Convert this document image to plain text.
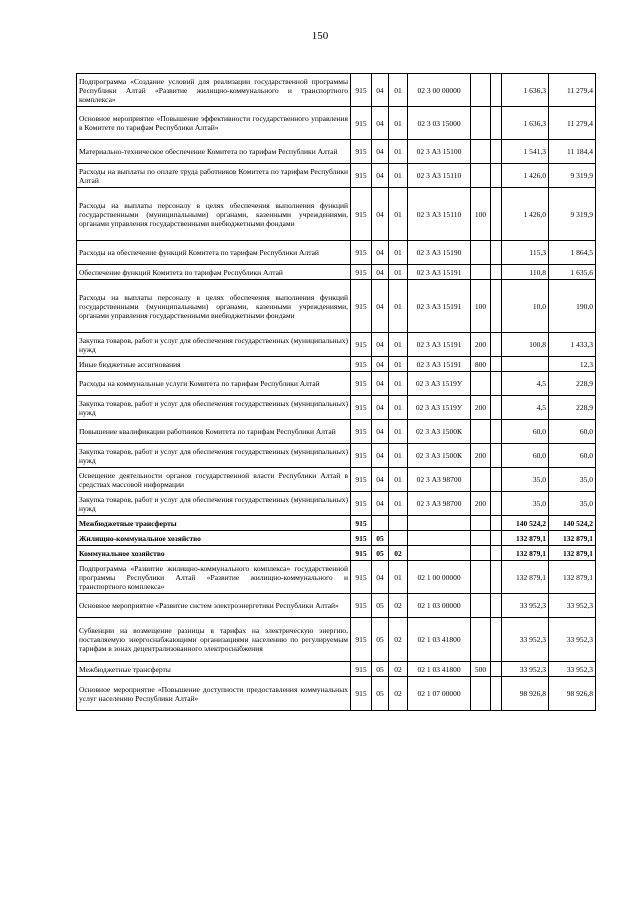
150
Подпрограмма «Создание условий для реализации государственной программы Республики Алтай «Развитие жилищно-коммунального и транспортного комплекса»	915	04	01	02 3 00 00000			1 636,3	11 279,4
Основное мероприятие «Повышение эффективности государственного управления в Комитете по тарифам Республики Алтай»	915	04	01	02 3 03 15000			1 636,3	11 279,4
Материально-техническое обеспечение Комитета по тарифам Республики Алтай	915	04	01	02 3 А3 15100			1 541,3	11 184,4
Расходы на выплаты по оплате труда работников Комитета по тарифам Республики Алтай	915	04	01	02 3 А3 15110			1 426,0	9 319,9
Расходы на выплаты персоналу в целях обеспечения выполнения функций государственными (муниципальными) органами, казенными учреждениями, органами управления государственными внебюджетными фондами	915	04	01	02 3 А3 15110	100		1 426,0	9 319,9
Расходы на обеспечение функций Комитета по тарифам Республики Алтай	915	04	01	02 3 А3 15190			115,3	1 864,5
Обеспечение функций Комитета по тарифам Республики Алтай	915	04	01	02 3 А3 15191			110,8	1 635,6
Расходы на выплаты персоналу в целях обеспечения выполнения функций государственными (муниципальными) органами, казенными учреждениями, органами управления государственными внебюджетными фондами	915	04	01	02 3 А3 15191	100		10,0	190,0
Закупка товаров, работ и услуг для обеспечения государственных (муниципальных) нужд	915	04	01	02 3 А3 15191	200		100,8	1 433,3
Иные бюджетные ассигнования	915	04	01	02 3 А3 15191	800			12,3
Расходы на коммунальные услуги Комитета по тарифам Республики Алтай	915	04	01	02 3 А3 1519У			4,5	228,9
Закупка товаров, работ и услуг для обеспечения государственных (муниципальных) нужд	915	04	01	02 3 А3 1519У	200		4,5	228,9
Повышение квалификации работников Комитета по тарифам Республики Алтай	915	04	01	02 3 А3 1500К			60,0	60,0
Закупка товаров, работ и услуг для обеспечения государственных (муниципальных) нужд	915	04	01	02 3 А3 1500К	200		60,0	60,0
Освещение деятельности органов государственной власти Республики Алтай в средствах массовой информации	915	04	01	02 3 А3 98700			35,0	35,0
Закупка товаров, работ и услуг для обеспечения государственных (муниципальных) нужд	915	04	01	02 3 А3 98700	200		35,0	35,0
Межбюджетные трансферты	915						140 524,2	140 524,2
Жилищно-коммунальное хозяйство	915	05					132 879,1	132 879,1
Коммунальное хозяйство	915	05	02				132 879,1	132 879,1
Подпрограмма «Развитие жилищно-коммунального комплекса» государственной программы Республики Алтай «Развитие жилищно-коммунального и транспортного комплекса»	915	04	01	02 1 00 00000			132 879,1	132 879,1
Основное мероприятие «Развитие систем электроэнергетики Республики Алтай»	915	05	02	02 1 03 00000			33 952,3	33 952,3
Субвенции на возмещение разницы в тарифах на электрическую энергию, поставляемую энергоснабжающими организациями населению по регулируемым тарифам в зонах децентрализованного электроснабжения	915	05	02	02 1 03 41800			33 952,3	33 952,3
Межбюджетные трансферты	915	05	02	02 1 03 41800	500		33 952,3	33 952,3
Основное мероприятие «Повышение доступности предоставления коммунальных услуг населению Республики Алтай»	915	05	02	02 1 07 00000			98 926,8	98 926,8
